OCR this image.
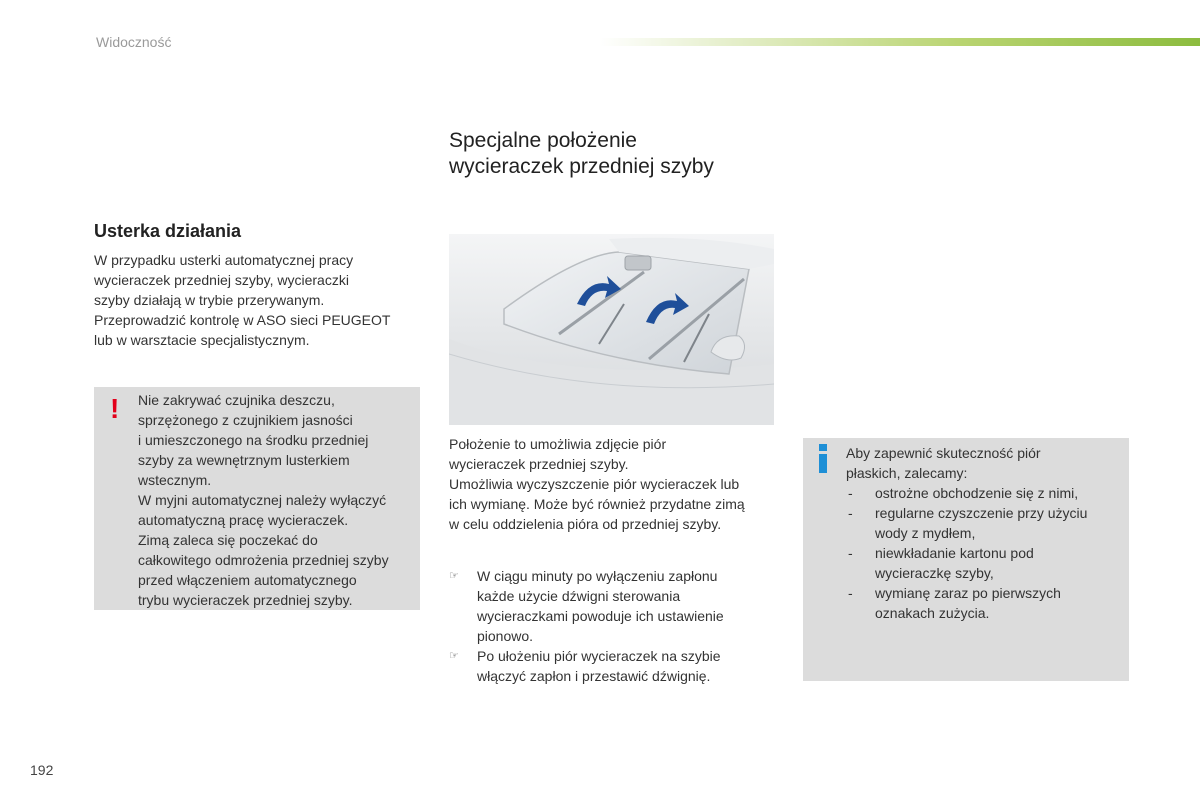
Widoczność
Specjalne położenie
wycieraczek przedniej szyby
Usterka działania
W przypadku usterki automatycznej pracy
wycieraczek przedniej szyby, wycieraczki
szyby działają w trybie przerywanym.
Przeprowadzić kontrolę w ASO sieci PEUGEOT
lub w warsztacie specjalistycznym.
! Nie zakrywać czujnika deszczu,
sprzężonego z czujnikiem jasności
i umieszczonego na środku przedniej
szyby za wewnętrznym lusterkiem
wstecznym.
W myjni automatycznej należy wyłączyć
automatyczną pracę wycieraczek.
Zimą zaleca się poczekać do
całkowitego odmrożenia przedniej szyby
przed włączeniem automatycznego
trybu wycieraczek przedniej szyby.
Położenie to umożliwia zdjęcie piór
wycieraczek przedniej szyby.
Umożliwia wyczyszczenie piór wycieraczek lub
ich wymianę. Może być również przydatne zimą
w celu oddzielenia pióra od przedniej szyby.
☞ W ciągu minuty po wyłączeniu zapłonu
każde użycie dźwigni sterowania
wycieraczkami powoduje ich ustawienie
pionowo.
☞ Po ułożeniu piór wycieraczek na szybie
włączyć zapłon i przestawić dźwignię.
Aby zapewnić skuteczność piór
płaskich, zalecamy:
- ostrożne obchodzenie się z nimi,
- regularne czyszczenie przy użyciu
wody z mydłem,
- niewkładanie kartonu pod
wycieraczkę szyby,
- wymianę zaraz po pierwszych
oznakach zużycia.
192
